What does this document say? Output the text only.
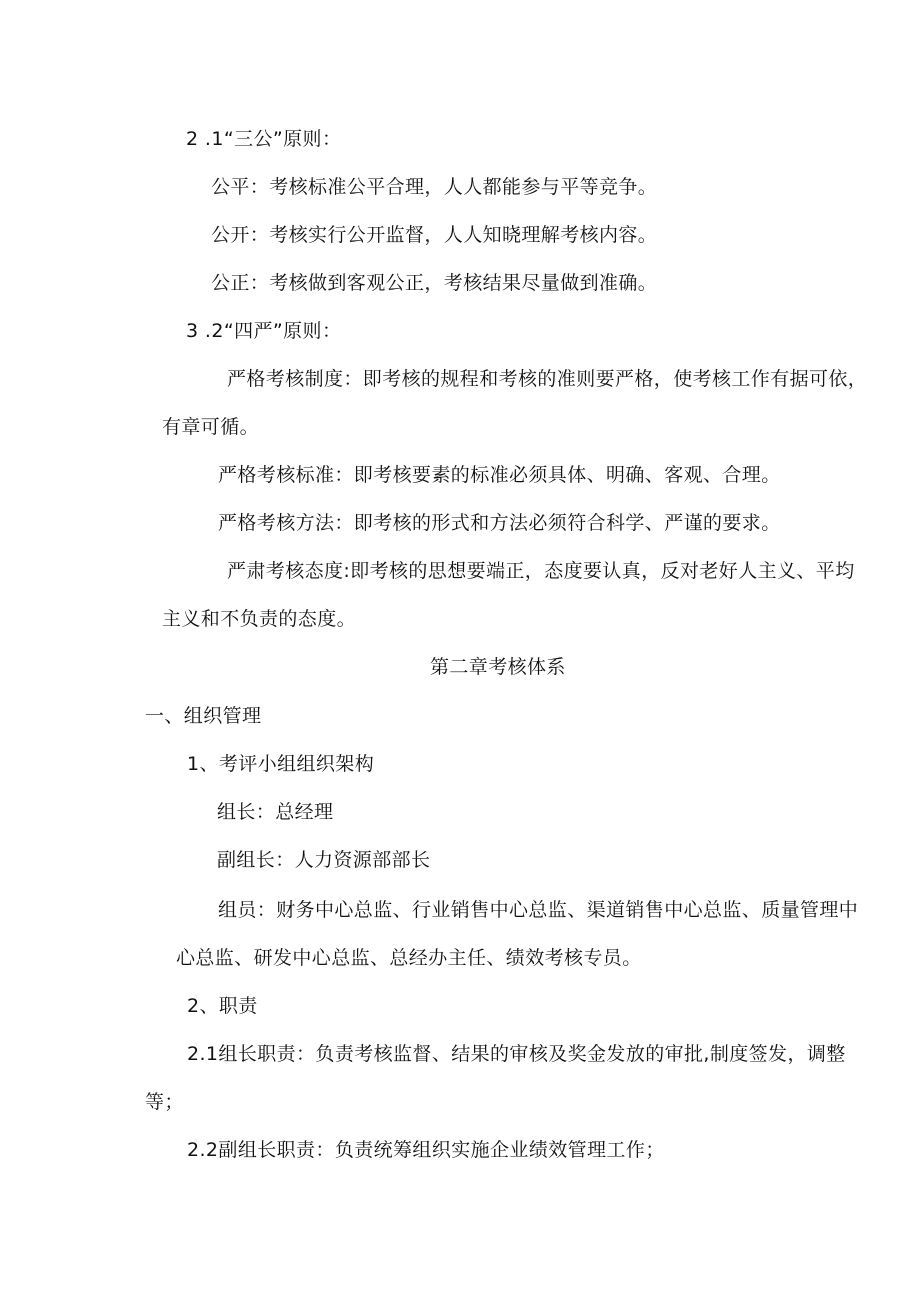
2 .1“三公”原则：

公平：考核标准公平合理，人人都能参与平等竞争。

公开：考核实行公开监督，人人知晓理解考核内容。

公正：考核做到客观公正，考核结果尽量做到准确。

3 .2“四严”原则：

严格考核制度：即考核的规程和考核的准则要严格，使考核工作有据可依，

有章可循。

严格考核标准：即考核要素的标准必须具体、明确、客观、合理。

严格考核方法：即考核的形式和方法必须符合科学、严谨的要求。

严肃考核态度:即考核的思想要端正，态度要认真，反对老好人主义、平均

主义和不负责的态度。

第二章考核体系

一、组织管理

1、考评小组组织架构

组长：总经理

副组长：人力资源部部长

组员：财务中心总监、行业销售中心总监、渠道销售中心总监、质量管理中

心总监、研发中心总监、总经办主任、绩效考核专员。

2、职责

2.1组长职责：负责考核监督、结果的审核及奖金发放的审批,制度签发，调整

等；

2.2副组长职责：负责统筹组织实施企业绩效管理工作；
